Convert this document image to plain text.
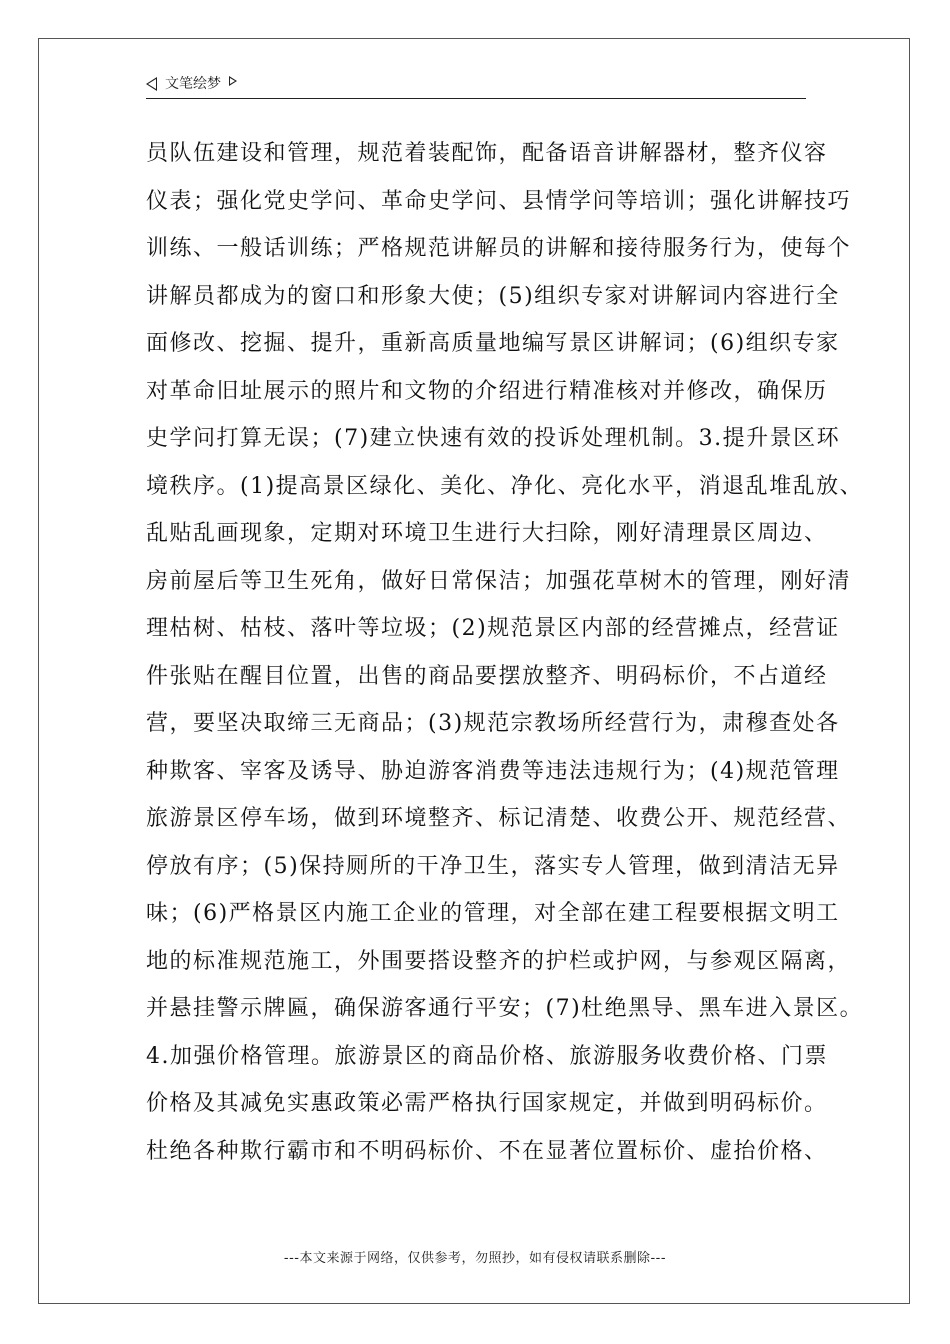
文笔绘梦
员队伍建设和管理，规范着装配饰，配备语音讲解器材，整齐仪容
仪表；强化党史学问、革命史学问、县情学问等培训；强化讲解技巧
训练、一般话训练；严格规范讲解员的讲解和接待服务行为，使每个
讲解员都成为的窗口和形象大使；(5)组织专家对讲解词内容进行全
面修改、挖掘、提升，重新高质量地编写景区讲解词；(6)组织专家
对革命旧址展示的照片和文物的介绍进行精准核对并修改，确保历
史学问打算无误；(7)建立快速有效的投诉处理机制。3.提升景区环
境秩序。(1)提高景区绿化、美化、净化、亮化水平，消退乱堆乱放、
乱贴乱画现象，定期对环境卫生进行大扫除，刚好清理景区周边、
房前屋后等卫生死角，做好日常保洁；加强花草树木的管理，刚好清
理枯树、枯枝、落叶等垃圾；(2)规范景区内部的经营摊点，经营证
件张贴在醒目位置，出售的商品要摆放整齐、明码标价，不占道经
营，要坚决取缔三无商品；(3)规范宗教场所经营行为，肃穆查处各
种欺客、宰客及诱导、胁迫游客消费等违法违规行为；(4)规范管理
旅游景区停车场，做到环境整齐、标记清楚、收费公开、规范经营、
停放有序；(5)保持厕所的干净卫生，落实专人管理，做到清洁无异
味；(6)严格景区内施工企业的管理，对全部在建工程要根据文明工
地的标准规范施工，外围要搭设整齐的护栏或护网，与参观区隔离，
并悬挂警示牌匾，确保游客通行平安；(7)杜绝黑导、黑车进入景区。
4.加强价格管理。旅游景区的商品价格、旅游服务收费价格、门票
价格及其减免实惠政策必需严格执行国家规定，并做到明码标价。
杜绝各种欺行霸市和不明码标价、不在显著位置标价、虚抬价格、
---本文来源于网络，仅供参考，勿照抄，如有侵权请联系删除---
